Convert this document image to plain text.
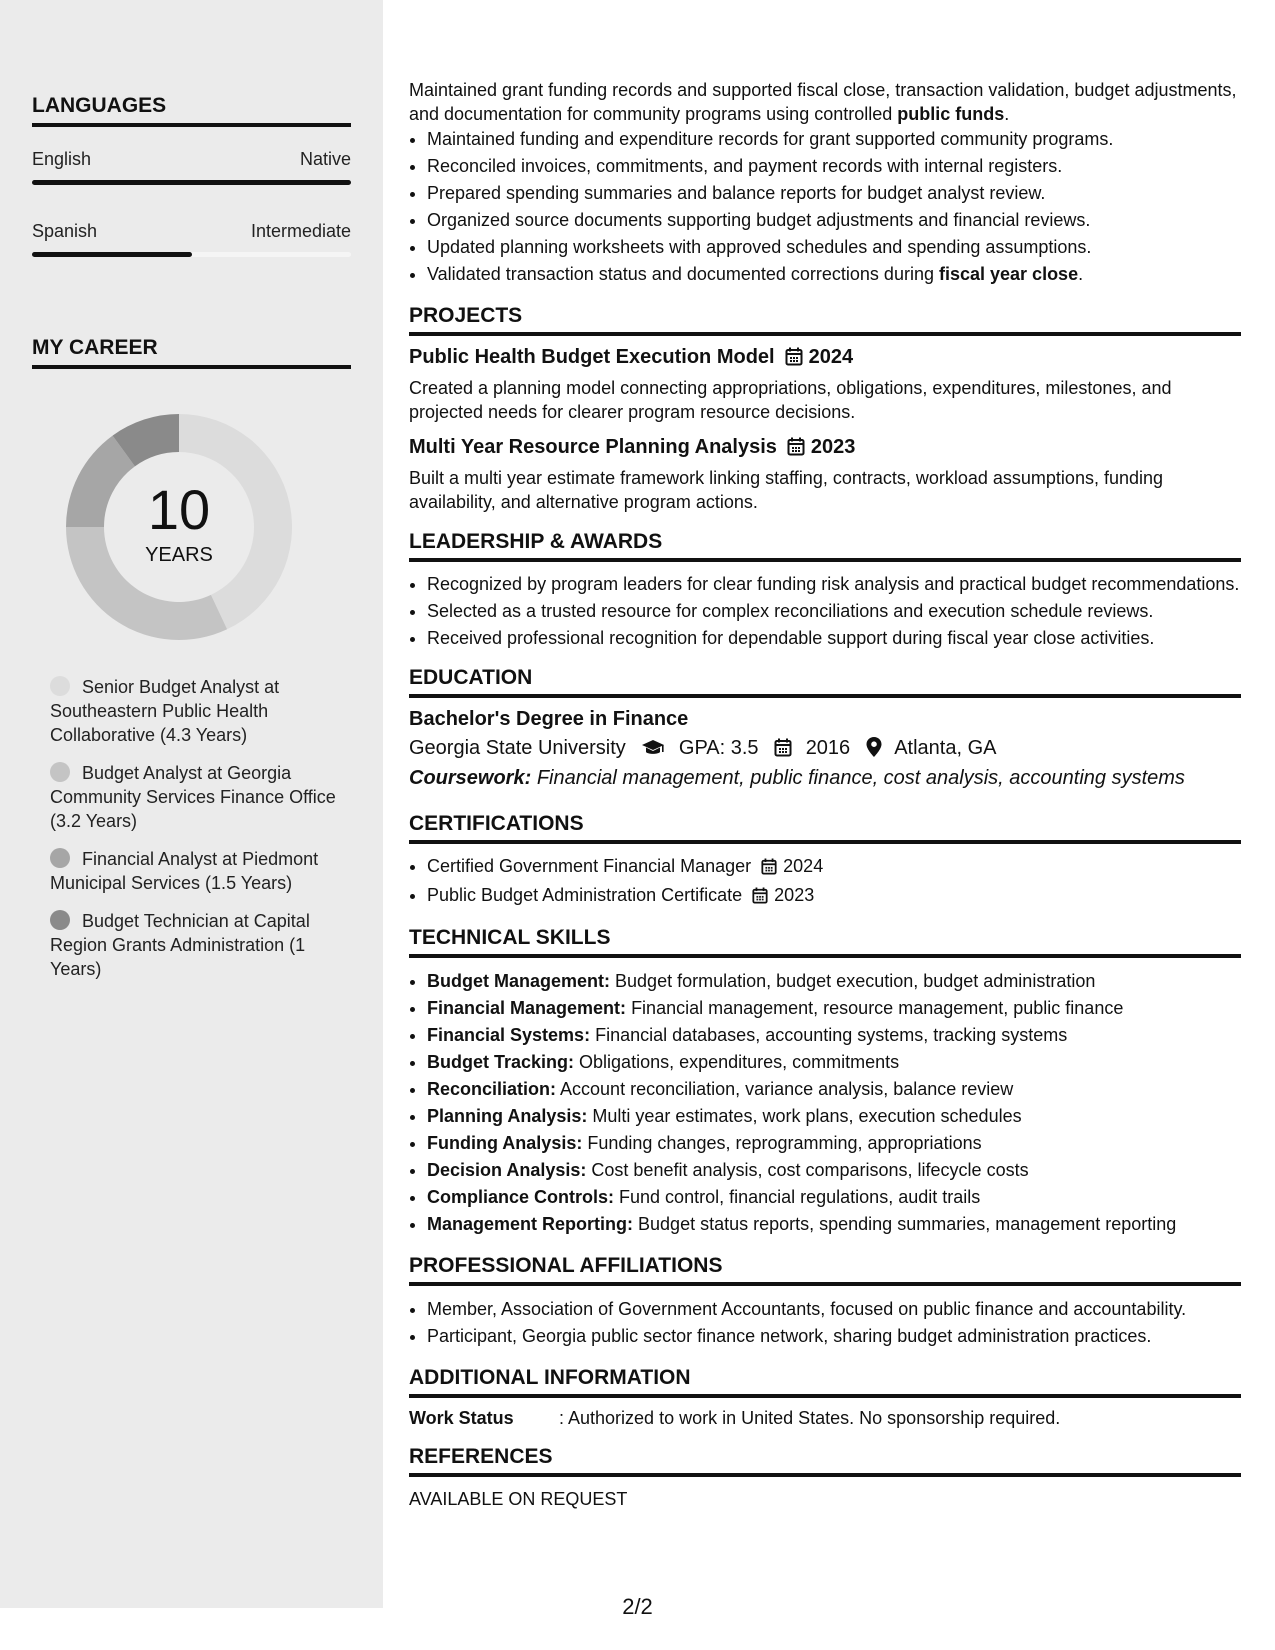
LANGUAGES
English	Native
Spanish	Intermediate
MY CAREER
10
YEARS
Senior Budget Analyst at Southeastern Public Health Collaborative (4.3 Years)
Budget Analyst at Georgia Community Services Finance Office (3.2 Years)
Financial Analyst at Piedmont Municipal Services (1.5 Years)
Budget Technician at Capital Region Grants Administration (1 Years)

Maintained grant funding records and supported fiscal close, transaction validation, budget adjustments, and documentation for community programs using controlled public funds.

• Maintained funding and expenditure records for grant supported community programs.
• Reconciled invoices, commitments, and payment records with internal registers.
• Prepared spending summaries and balance reports for budget analyst review.
• Organized source documents supporting budget adjustments and financial reviews.
• Updated planning worksheets with approved schedules and spending assumptions.
• Validated transaction status and documented corrections during fiscal year close.
PROJECTS
Public Health Budget Execution Model 2024

Created a planning model connecting appropriations, obligations, expenditures, milestones, and projected needs for clearer program resource decisions.

Multi Year Resource Planning Analysis 2023

Built a multi year estimate framework linking staffing, contracts, workload assumptions, funding availability, and alternative program actions.

LEADERSHIP & AWARDS
• Recognized by program leaders for clear funding risk analysis and practical budget recommendations.
• Selected as a trusted resource for complex reconciliations and execution schedule reviews.
• Received professional recognition for dependable support during fiscal year close activities.
EDUCATION
Bachelor's Degree in Finance
Georgia State University	GPA: 3.5 2016 Atlanta, GA
Coursework: Financial management, public finance, cost analysis, accounting systems
CERTIFICATIONS
• Certified Government Financial Manager 2024
• Public Budget Administration Certificate 2023
TECHNICAL SKILLS
• Budget Management: Budget formulation, budget execution, budget administration
• Financial Management: Financial management, resource management, public finance
• Financial Systems: Financial databases, accounting systems, tracking systems
• Budget Tracking: Obligations, expenditures, commitments
• Reconciliation: Account reconciliation, variance analysis, balance review
• Planning Analysis: Multi year estimates, work plans, execution schedules
• Funding Analysis: Funding changes, reprogramming, appropriations
• Decision Analysis: Cost benefit analysis, cost comparisons, lifecycle costs
• Compliance Controls: Fund control, financial regulations, audit trails
• Management Reporting: Budget status reports, spending summaries, management reporting
PROFESSIONAL AFFILIATIONS
• Member, Association of Government Accountants, focused on public finance and accountability.
• Participant, Georgia public sector finance network, sharing budget administration practices.
ADDITIONAL INFORMATION
Work Status	: Authorized to work in United States. No sponsorship required.
REFERENCES

AVAILABLE ON REQUEST

2/2
